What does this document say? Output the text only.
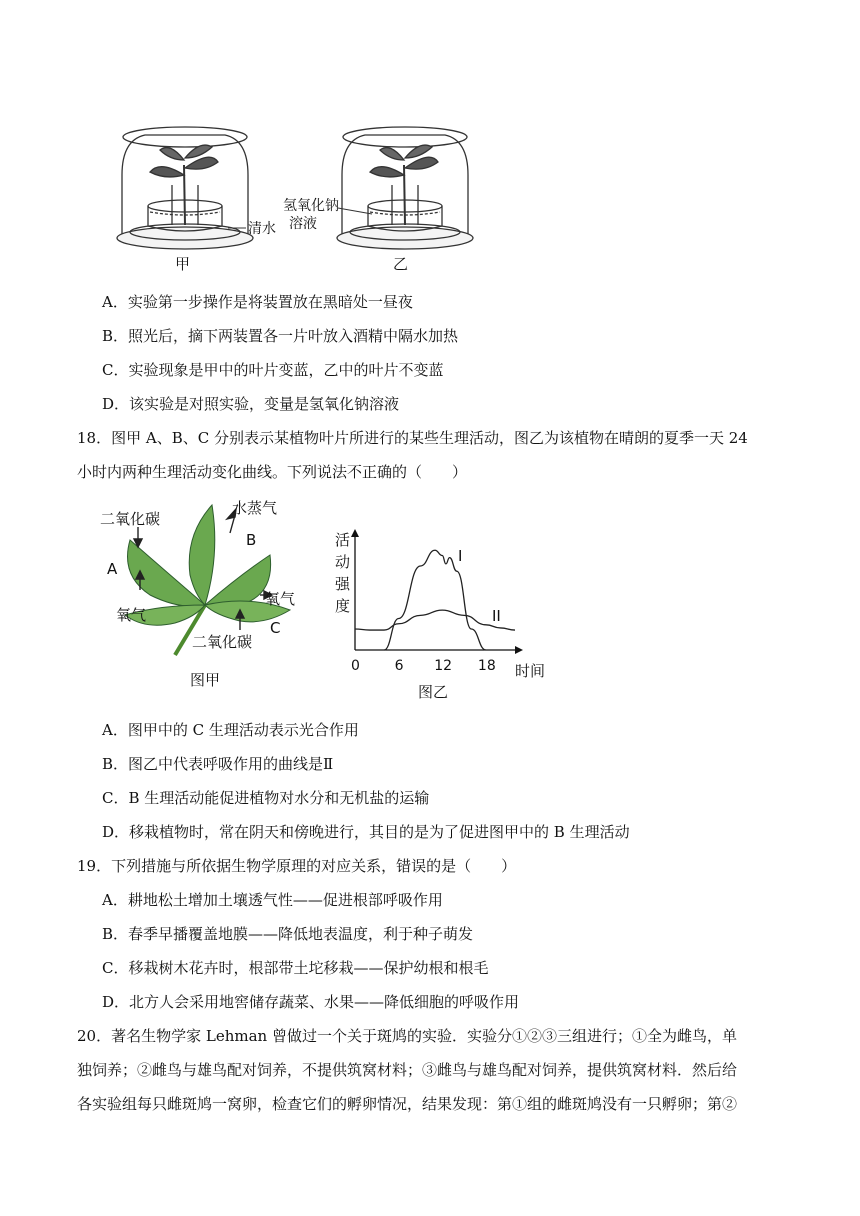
清水
氢氧化钠
溶液
甲	乙
A．实验第一步操作是将装置放在黑暗处一昼夜
B．照光后，摘下两装置各一片叶放入酒精中隔水加热
C．实验现象是甲中的叶片变蓝，乙中的叶片不变蓝
D．该实验是对照实验，变量是氢氧化钠溶液
18．图甲 A、B、C 分别表示某植物叶片所进行的某些生理活动，图乙为该植物在晴朗的夏季一天 24
小时内两种生理活动变化曲线。下列说法不正确的（　　）
二氧化碳
水蒸气
A
B
C
氧气
氧气
二氧化碳
图甲
活
动
强
度
0 6 12 18
I
II
时间
图乙
A．图甲中的 C 生理活动表示光合作用
B．图乙中代表呼吸作用的曲线是Ⅱ
C．B 生理活动能促进植物对水分和无机盐的运输
D．移栽植物时，常在阴天和傍晚进行，其目的是为了促进图甲中的 B 生理活动
19．下列措施与所依据生物学原理的对应关系，错误的是（　　）
A．耕地松土增加土壤透气性——促进根部呼吸作用
B．春季早播覆盖地膜——降低地表温度，利于种子萌发
C．移栽树木花卉时，根部带土坨移栽——保护幼根和根毛
D．北方人会采用地窖储存蔬菜、水果——降低细胞的呼吸作用
20．著名生物学家 Lehman 曾做过一个关于斑鸠的实验．实验分①②③三组进行；①全为雌鸟，单
独饲养；②雌鸟与雄鸟配对饲养，不提供筑窝材料；③雌鸟与雄鸟配对饲养，提供筑窝材料．然后给
各实验组每只雌斑鸠一窝卵，检查它们的孵卵情况，结果发现：第①组的雌斑鸠没有一只孵卵；第②
